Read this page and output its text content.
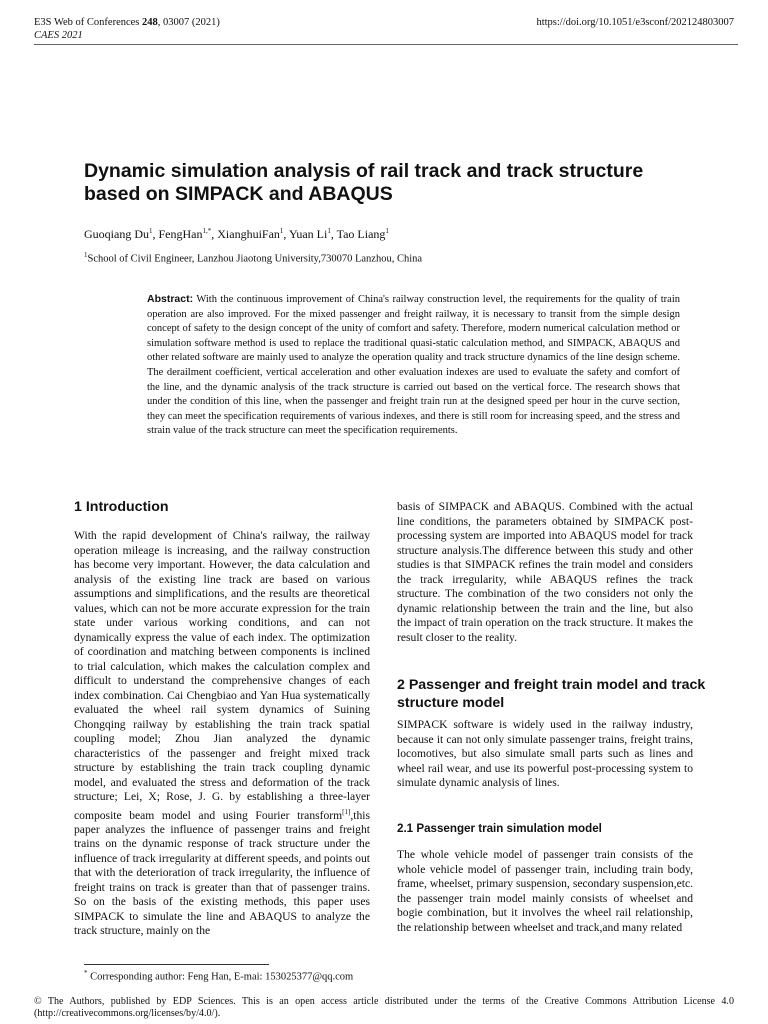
E3S Web of Conferences 248, 03007 (2021)
CAES 2021
https://doi.org/10.1051/e3sconf/202124803007
Dynamic simulation analysis of rail track and track structure based on SIMPACK and ABAQUS
Guoqiang Du$^1$, FengHan$^{1,*}$, XianghuiFan$^1$, Yuan Li$^1$, Tao Liang$^1$
$^1$School of Civil Engineer, Lanzhou Jiaotong University,730070 Lanzhou, China
Abstract: With the continuous improvement of China's railway construction level, the requirements for the quality of train operation are also improved. For the mixed passenger and freight railway, it is necessary to transit from the simple design concept of safety to the design concept of the unity of comfort and safety. Therefore, modern numerical calculation method or simulation software method is used to replace the traditional quasi-static calculation method, and SIMPACK, ABAQUS and other related software are mainly used to analyze the operation quality and track structure dynamics of the line design scheme. The derailment coefficient, vertical acceleration and other evaluation indexes are used to evaluate the safety and comfort of the line, and the dynamic analysis of the track structure is carried out based on the vertical force. The research shows that under the condition of this line, when the passenger and freight train run at the designed speed per hour in the curve section, they can meet the specification requirements of various indexes, and there is still room for increasing speed, and the stress and strain value of the track structure can meet the specification requirements.
1 Introduction

With the rapid development of China's railway, the railway operation mileage is increasing, and the railway construction has become very important. However, the data calculation and analysis of the existing line track are based on various assumptions and simplifications, and the results are theoretical values, which can not be more accurate expression for the train state under various working conditions, and can not dynamically express the value of each index. The optimization of coordination and matching between components is inclined to trial calculation, which makes the calculation complex and difficult to understand the comprehensive changes of each index combination. Cai Chengbiao and Yan Hua systematically evaluated the wheel rail system dynamics of Suining Chongqing railway by establishing the train track spatial coupling model; Zhou Jian analyzed the dynamic characteristics of the passenger and freight mixed track structure by establishing the train track coupling dynamic model, and evaluated the stress and deformation of the track structure; Lei, X; Rose, J. G. by establishing a three-layer composite beam model and using Fourier transform[1],this paper analyzes the influence of passenger trains and freight trains on the dynamic response of track structure under the influence of track irregularity at different speeds, and points out that with the deterioration of track irregularity, the influence of freight trains on track is greater than that of passenger trains. So on the basis of the existing methods, this paper uses SIMPACK to simulate the line and ABAQUS to analyze the track structure, mainly on the

basis of SIMPACK and ABAQUS. Combined with the actual line conditions, the parameters obtained by SIMPACK post-processing system are imported into ABAQUS model for track structure analysis.The difference between this study and other studies is that SIMPACK refines the train model and considers the track irregularity, while ABAQUS refines the track structure. The combination of the two considers not only the dynamic relationship between the train and the line, but also the impact of train operation on the track structure. It makes the result closer to the reality.
2 Passenger and freight train model and track structure model
SIMPACK software is widely used in the railway industry, because it can not only simulate passenger trains, freight trains, locomotives, but also simulate small parts such as lines and wheel rail wear, and use its powerful post-processing system to simulate dynamic analysis of lines.
2.1 Passenger train simulation model
The whole vehicle model of passenger train consists of the whole vehicle model of passenger train, including train body, frame, wheelset, primary suspension, secondary suspension,etc. the passenger train model mainly consists of wheelset and bogie combination, but it involves the wheel rail relationship, the relationship between wheelset and track,and many related
* Corresponding author: Feng Han, E-mai: 153025377@qq.com
© The Authors, published by EDP Sciences. This is an open access article distributed under the terms of the Creative Commons Attribution License 4.0 (http://creativecommons.org/licenses/by/4.0/).
